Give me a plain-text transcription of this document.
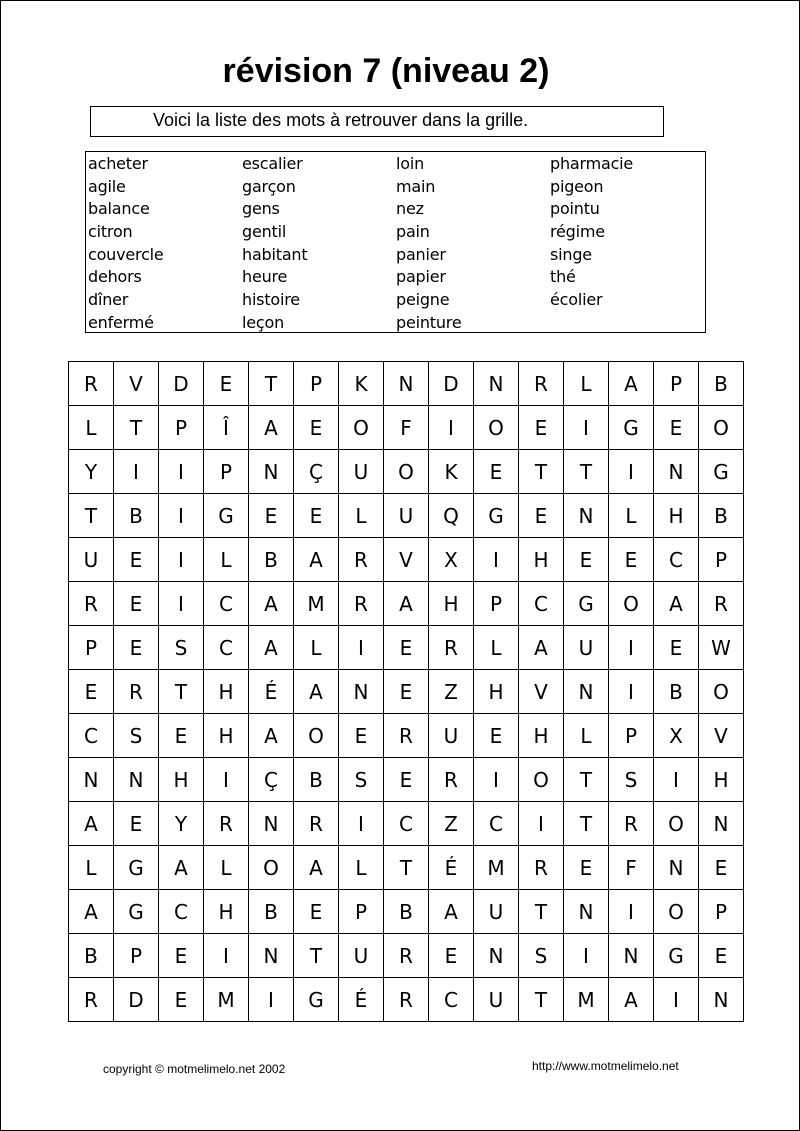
révision 7 (niveau 2)
Voici la liste des mots à retrouver dans la grille.
acheter
agile
balance
citron
couvercle
dehors
dîner
enfermé
escalier
garçon
gens
gentil
habitant
heure
histoire
leçon
loin
main
nez
pain
panier
papier
peigne
peinture
pharmacie
pigeon
pointu
régime
singe
thé
écolier
R	V	D	E	T	P	K	N	D	N	R	L	A	P	B
L	T	P	Î	A	E	O	F	I	O	E	I	G	E	O
Y	I	I	P	N	Ç	U	O	K	E	T	T	I	N	G
T	B	I	G	E	E	L	U	Q	G	E	N	L	H	B
U	E	I	L	B	A	R	V	X	I	H	E	E	C	P
R	E	I	C	A	M	R	A	H	P	C	G	O	A	R
P	E	S	C	A	L	I	E	R	L	A	U	I	E	W
E	R	T	H	É	A	N	E	Z	H	V	N	I	B	O
C	S	E	H	A	O	E	R	U	E	H	L	P	X	V
N	N	H	I	Ç	B	S	E	R	I	O	T	S	I	H
A	E	Y	R	N	R	I	C	Z	C	I	T	R	O	N
L	G	A	L	O	A	L	T	É	M	R	E	F	N	E
A	G	C	H	B	E	P	B	A	U	T	N	I	O	P
B	P	E	I	N	T	U	R	E	N	S	I	N	G	E
R	D	E	M	I	G	É	R	C	U	T	M	A	I	N
copyright © motmelimelo.net 2002	http://www.motmelimelo.net
